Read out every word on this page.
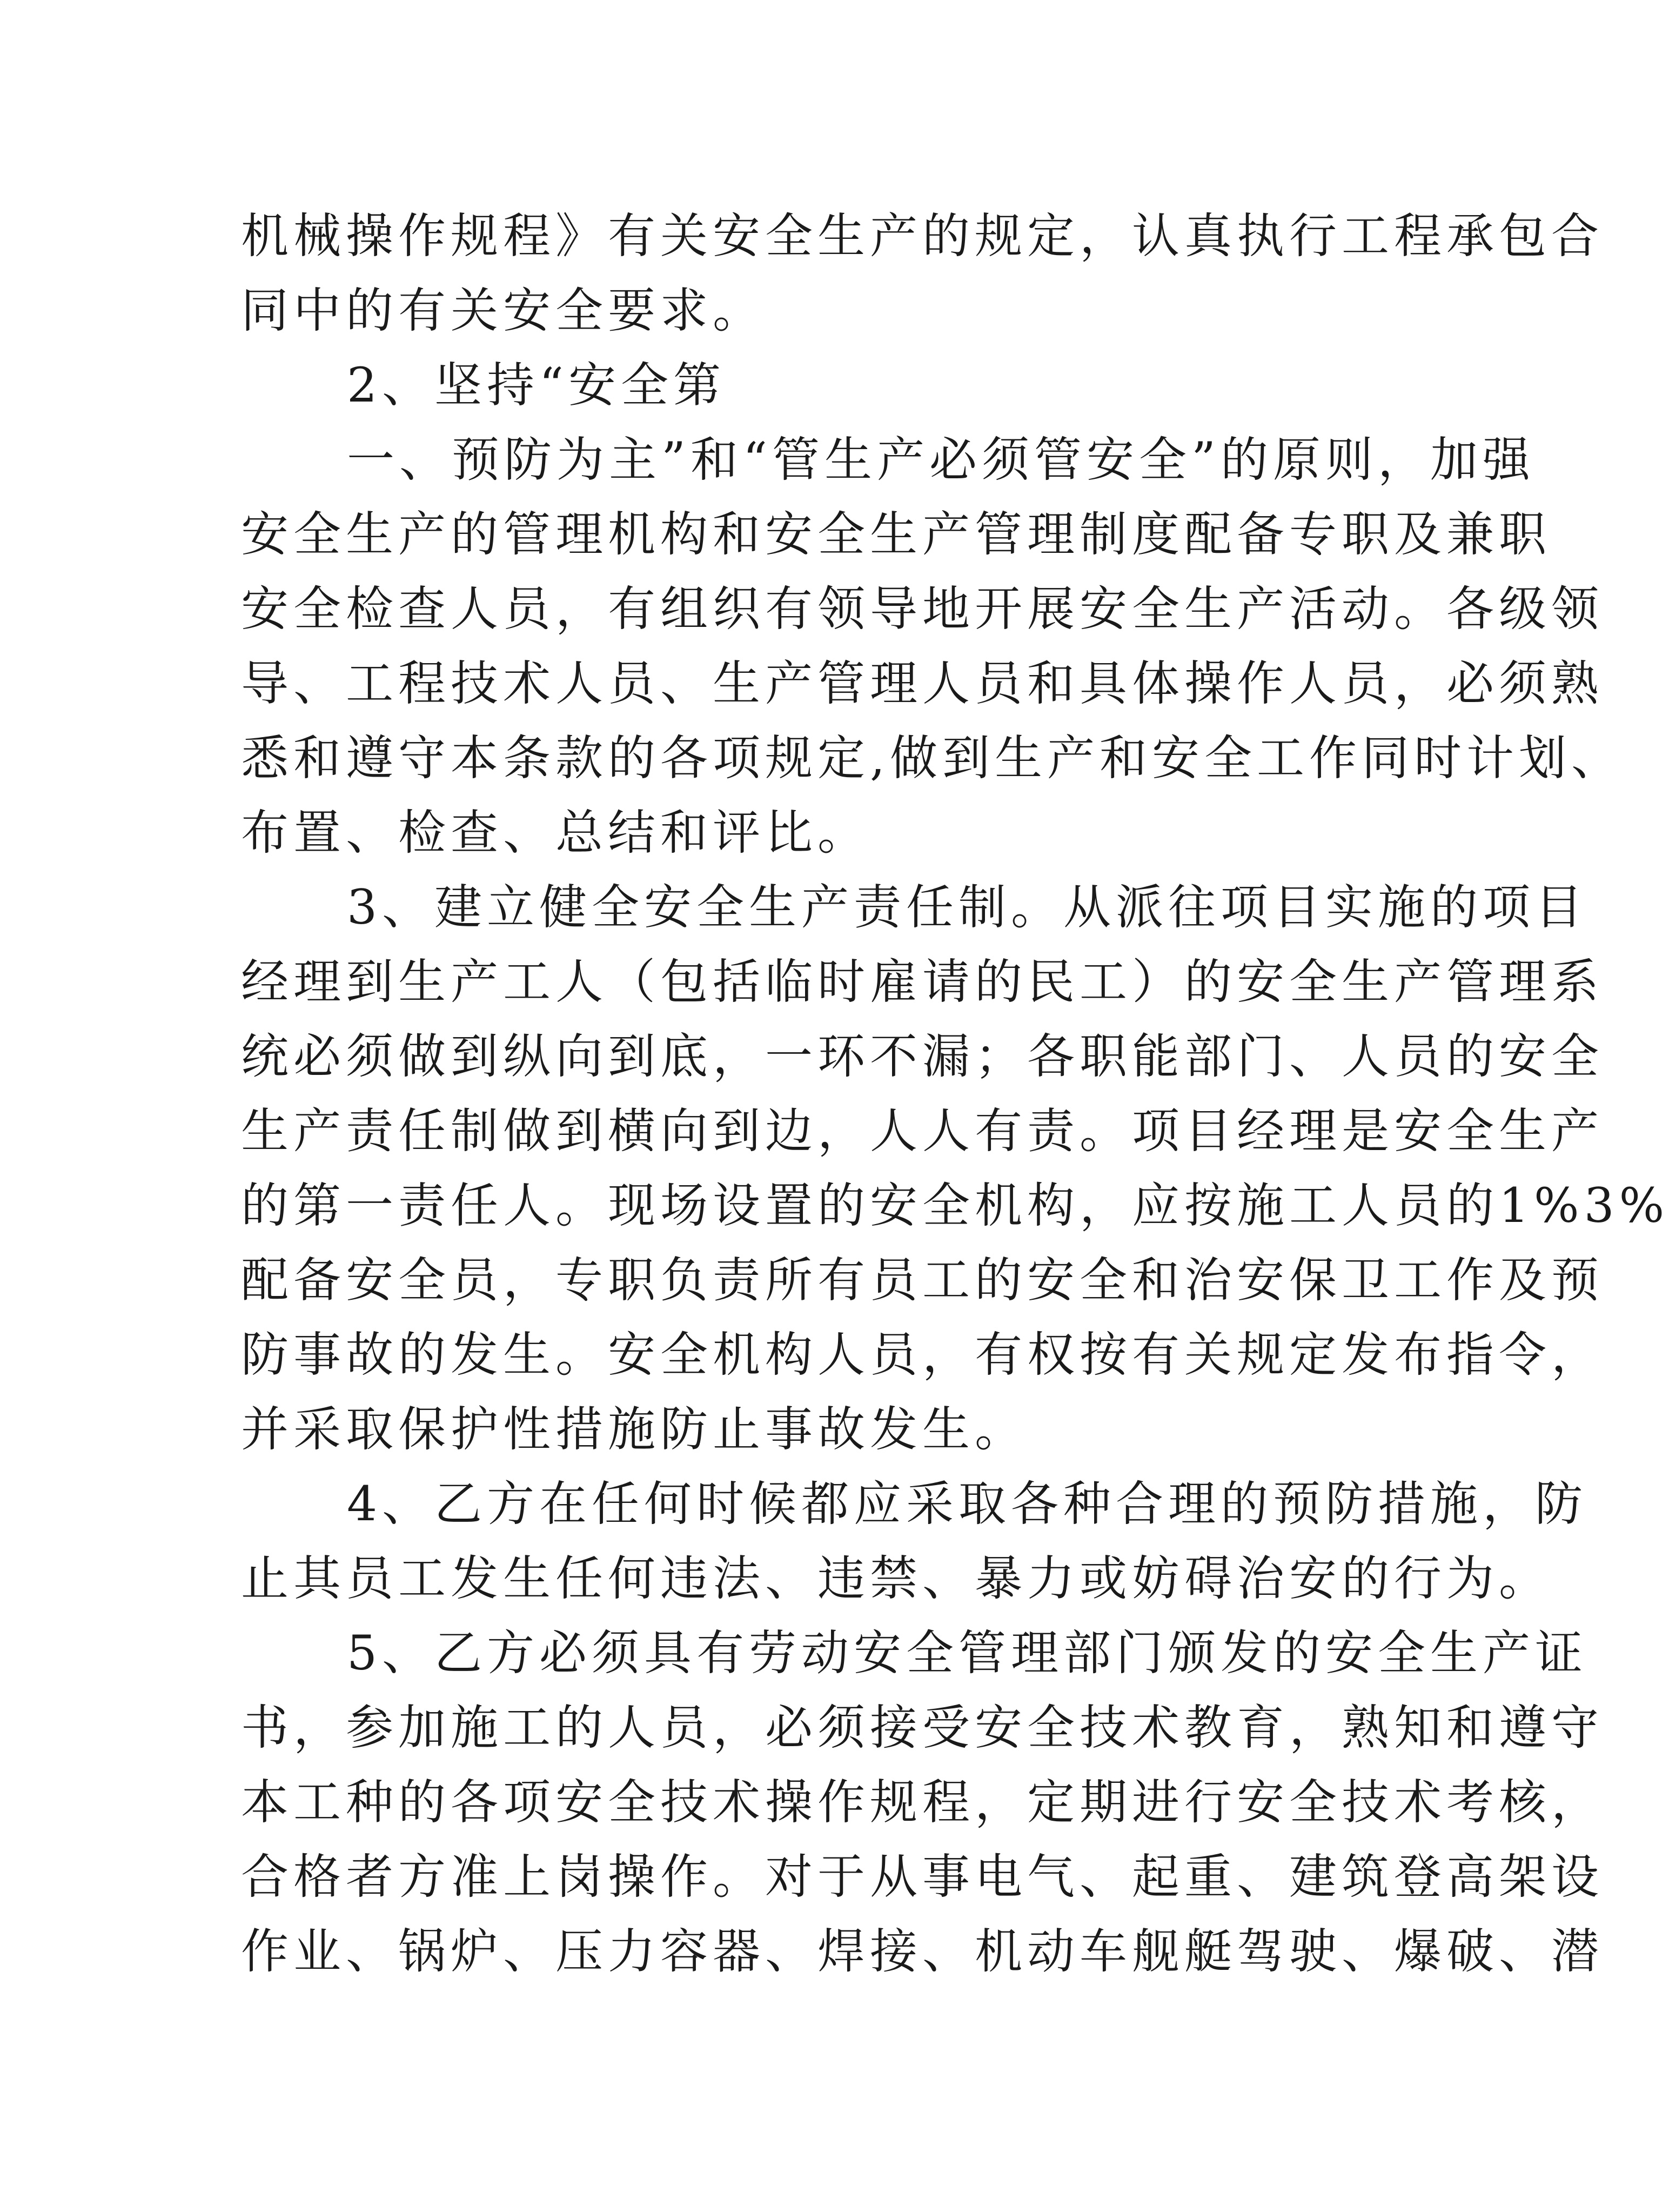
机械操作规程》有关安全生产的规定，认真执行工程承包合
同中的有关安全要求。
2、坚持“安全第
一、预防为主”和“管生产必须管安全”的原则，加强
安全生产的管理机构和安全生产管理制度配备专职及兼职
安全检查人员，有组织有领导地开展安全生产活动。各级领
导、工程技术人员、生产管理人员和具体操作人员，必须熟
悉和遵守本条款的各项规定,做到生产和安全工作同时计划、
布置、检查、总结和评比。
3、建立健全安全生产责任制。从派往项目实施的项目
经理到生产工人（包括临时雇请的民工）的安全生产管理系
统必须做到纵向到底，一环不漏；各职能部门、人员的安全
生产责任制做到横向到边，人人有责。项目经理是安全生产
的第一责任人。现场设置的安全机构，应按施工人员的1%3%
配备安全员，专职负责所有员工的安全和治安保卫工作及预
防事故的发生。安全机构人员，有权按有关规定发布指令，
并采取保护性措施防止事故发生。
4、乙方在任何时候都应采取各种合理的预防措施，防
止其员工发生任何违法、违禁、暴力或妨碍治安的行为。
5、乙方必须具有劳动安全管理部门颁发的安全生产证
书，参加施工的人员，必须接受安全技术教育，熟知和遵守
本工种的各项安全技术操作规程，定期进行安全技术考核，
合格者方准上岗操作。对于从事电气、起重、建筑登高架设
作业、锅炉、压力容器、焊接、机动车舰艇驾驶、爆破、潜
